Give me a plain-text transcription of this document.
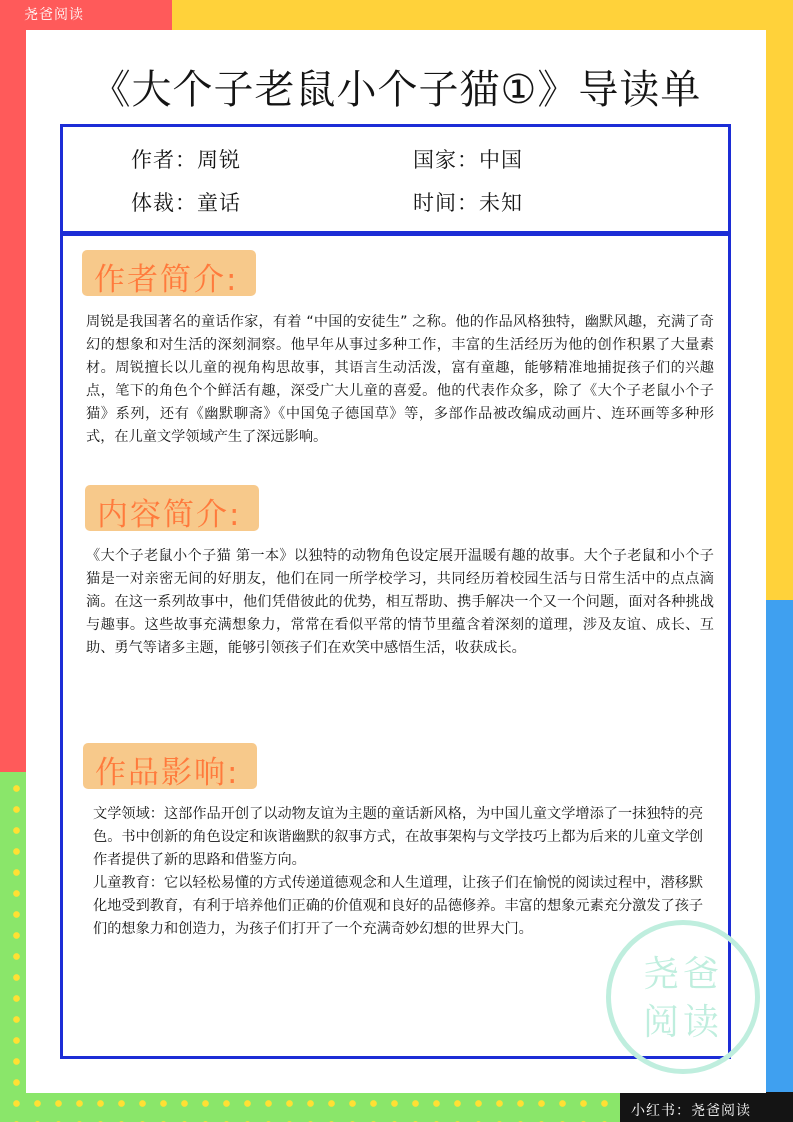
尧爸阅读
小红书：尧爸阅读
《大个子老鼠小个子猫①》导读单
作者：周锐	国家：中国
体裁：童话	时间：未知
作者简介:

周锐是我国著名的童话作家，有着 “中国的安徒生” 之称。他的作品风格独特，幽默风趣，充满了奇幻的想象和对生活的深刻洞察。他早年从事过多种工作，丰富的生活经历为他的创作积累了大量素材。周锐擅长以儿童的视角构思故事，其语言生动活泼，富有童趣，能够精准地捕捉孩子们的兴趣点，笔下的角色个个鲜活有趣，深受广大儿童的喜爱。他的代表作众多，除了《大个子老鼠小个子猫》系列，还有《幽默聊斋》《中国兔子德国草》等，多部作品被改编成动画片、连环画等多种形式，在儿童文学领域产生了深远影响。

内容简介:

《大个子老鼠小个子猫 第一本》以独特的动物角色设定展开温暖有趣的故事。大个子老鼠和小个子猫是一对亲密无间的好朋友，他们在同一所学校学习，共同经历着校园生活与日常生活中的点点滴滴。在这一系列故事中，他们凭借彼此的优势，相互帮助、携手解决一个又一个问题，面对各种挑战与趣事。这些故事充满想象力，常常在看似平常的情节里蕴含着深刻的道理，涉及友谊、成长、互助、勇气等诸多主题，能够引领孩子们在欢笑中感悟生活，收获成长。

作品影响:

文学领域：这部作品开创了以动物友谊为主题的童话新风格，为中国儿童文学增添了一抹独特的亮色。书中创新的角色设定和诙谐幽默的叙事方式，在故事架构与文学技巧上都为后来的儿童文学创作者提供了新的思路和借鉴方向。
儿童教育：它以轻松易懂的方式传递道德观念和人生道理，让孩子们在愉悦的阅读过程中，潜移默化地受到教育，有利于培养他们正确的价值观和良好的品德修养。丰富的想象元素充分激发了孩子们的想象力和创造力，为孩子们打开了一个充满奇妙幻想的世界大门。

尧爸
阅读
